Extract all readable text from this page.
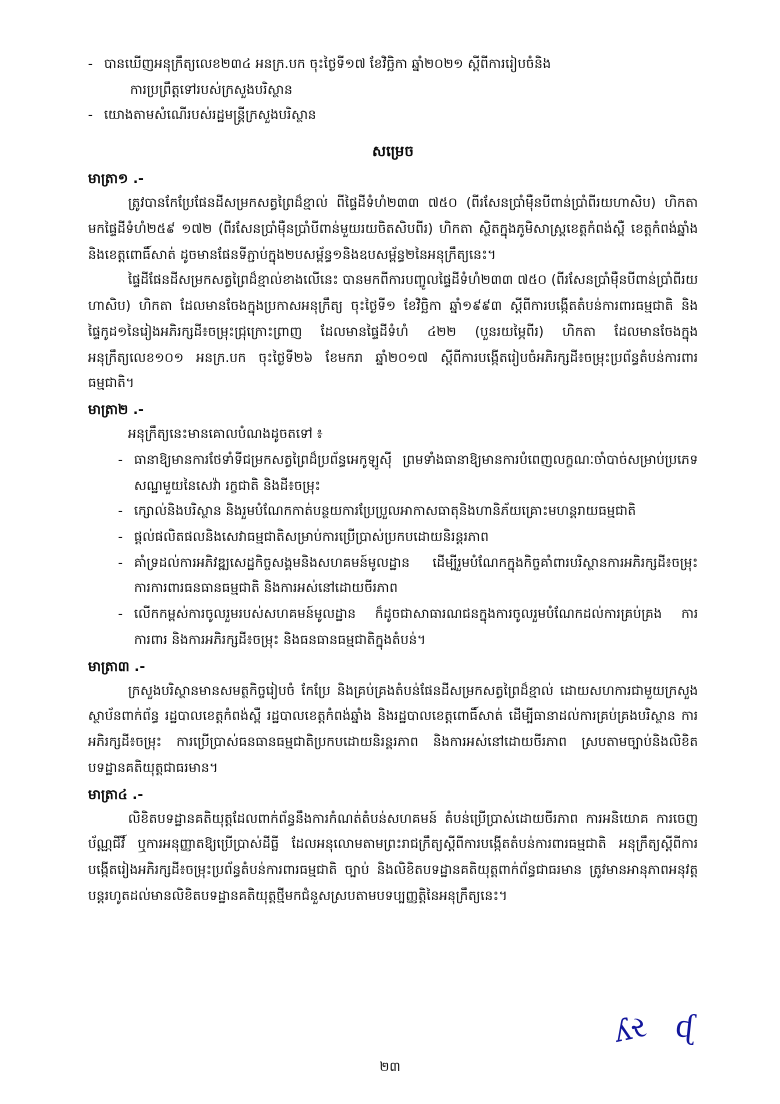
- បានឃើញអនុក្រឹត្យលេខ២៣៤ អនក្រ.បក ចុះថ្ងៃទី១៧ ខែវិច្ឆិកា ឆ្នាំ២០២១ ស្ដីពីការរៀបចំនិង
ការប្រព្រឹត្តទៅរបស់ក្រសួងបរិស្ថាន
- យោងតាមសំណើរបស់រដ្ឋមន្ត្រីក្រសួងបរិស្ថាន
សម្រេច
មាត្រា១ .-
ត្រូវបានកែប្រែផែនដីសម្រកសត្វព្រៃដ៏ខ្មាល់ ពីផ្ទៃដីទំហំ២៣៣ ៧៥០ (ពីរសែនប្រាំមុឺនបីពាន់ប្រាំពីរយហាសិប) ហិកតា មកផ្ទៃដីទំហំ២៥៩ ១៧២ (ពីរសែនប្រាំមុឺនប្រាំបីពាន់មួយរយចិតសិបពីរ) ហិកតា ស្ថិតក្នុងភូមិសាស្ត្រខេត្តកំពង់ស្ពឺ ខេត្តកំពង់ឆ្នាំង និងខេត្តពោធិ៍សាត់ ដូចមានផែនទីភ្ជាប់ក្នុង២បសម្ព័ន្ធ១និងឧបសម្ព័ន្ធ២នៃអនុក្រឹត្យនេះ។
ផ្ទៃដីផែនដីសម្រកសត្វព្រៃដ៏ខ្មាល់ខាងលើនេះ បានមកពីការបញ្ចូលផ្ទៃដីទំហំ២៣៣ ៧៥០ (ពីរសែនប្រាំមុឺនបីពាន់ប្រាំពីរយហាសិប) ហិកតា ដែលមានចែងក្នុងប្រកាសអនុក្រឹត្យ ចុះថ្ងៃទី១ ខែវិច្ឆិកា ឆ្នាំ១៩៩៣ ស្ដីពីការបង្កើតតំបន់ការពារធម្មជាតិ និងផ្ទៃកូដ១នៃរៀងអភិរក្សដី៖ចម្រុះជ្រុក្រោះព្រាញ ដែលមានផ្ទៃដីទំហំ ៤២២ (បួនរយម្ភៃពីរ) ហិកតា ដែលមានចែងក្នុងអនុក្រឹត្យលេខ១០១ អនក្រ.បក ចុះថ្ងៃទី២៦ ខែមករា ឆ្នាំ២០១៧ ស្ដីពីការបង្កើតរៀបចំអភិរក្សដី៖ចម្រុះប្រព័ន្ធតំបន់ការពារធម្មជាតិ។
មាត្រា២ .-
អនុក្រឹត្យនេះមានគោលបំណងដូចតទៅ ៖
- ធានាឱ្យមានការថែទាំទីជម្រកសត្វព្រៃដ៏ប្រព័ន្ធអេកូឡូស៊ី ព្រមទាំងធានាឱ្យមានការបំពេញលក្ខណៈចាំបាច់សម្រាប់ប្រភេទសណ្ឋមួយនៃសេវ៉ា រក្ខជាតិ និងដី៖ចម្រុះ
- ក្សោល់និងបរិស្ថាន និងរួមបំណែកកាត់បន្ថយការប្រែប្រួលអាកាសធាតុនិងហានិភ័យគ្រោះមហន្តរាយធម្មជាតិ
- ផ្តល់ផលិតផលនិងសេវាធម្មជាតិសម្រាប់ការប្រើប្រាស់ប្រកបដោយនិរន្តរភាព
- គាំទ្រដល់ការអភិវឌ្ឍសេដ្ឋកិច្ចសង្គមនិងសហគមន៍មូលដ្ឋាន ដើម្បីរួមបំណែកក្នុងកិច្ចគាំពារបរិស្ថានការអភិរក្សដី៖ចម្រុះ ការការពារធនធានធម្មជាតិ និងការអស់នៅដោយចីរភាព
- លើកកម្ពស់ការចូលរួមរបស់សហគមន៍មូលដ្ឋាន ក៏ដូចជាសាធារណជនក្នុងការចូលរួមបំណែកដល់ការគ្រប់គ្រង ការការពារ និងការអភិរក្សដី៖ចម្រុះ និងធនធានធម្មជាតិក្នុងតំបន់។
មាត្រា៣ .-
ក្រសួងបរិស្ថានមានសមត្ថកិច្ចរៀបចំ កែប្រែ និងគ្រប់គ្រងតំបន់ផែនដីសម្រកសត្វព្រៃដ៏ខ្មាល់ ដោយសហការជាមួយក្រសួង ស្ថាប័នពាក់ព័ន្ធ រដ្ឋបាលខេត្តកំពង់ស្ពឺ រដ្ឋបាលខេត្តកំពង់ឆ្នាំង និងរដ្ឋបាលខេត្តពោធិ៍សាត់ ដើម្បីធានាដល់ការគ្រប់គ្រងបរិស្ថាន ការអភិរក្សដី៖ចម្រុះ ការប្រើប្រាស់ធនធានធម្មជាតិប្រកបដោយនិរន្តរភាព និងការអស់នៅដោយចីរភាព ស្របតាមច្បាប់និងលិខិតបទដ្ឋានគតិយុត្តជាធរមាន។
មាត្រា៤ .-
លិខិតបទដ្ឋានគតិយុត្តដែលពាក់ព័ន្ធនឹងការកំណត់តំបន់សហគមន៍ តំបន់ប្រើប្រាស់ដោយចីរភាព ការអនិយោគ ការចេញប័ណ្ណជីវិ៍ ឬការអនុញ្ញាតឱ្យប្រើប្រាស់ដីធ្លី ដែលអនុលោមតាមព្រះរាជក្រឹត្យស្ដីពីការបង្កើតតំបន់ការពារធម្មជាតិ អនុក្រឹត្យស្ដីពីការបង្កើតរៀងអភិរក្សដី៖ចម្រុះប្រព័ន្ធតំបន់ការពារធម្មជាតិ ច្បាប់ និងលិខិតបទដ្ឋានគតិយុត្តពាក់ព័ន្ធជាធរមាន ត្រូវមានអានុភាពអនុវត្តបន្តរហូតដល់មានលិខិតបទដ្ឋានគតិយុត្តថ្មីមកជំនួសស្របតាមបទប្បញ្ញត្តិនៃអនុក្រឹត្យនេះ។
ʎર ᶑ
២៣
